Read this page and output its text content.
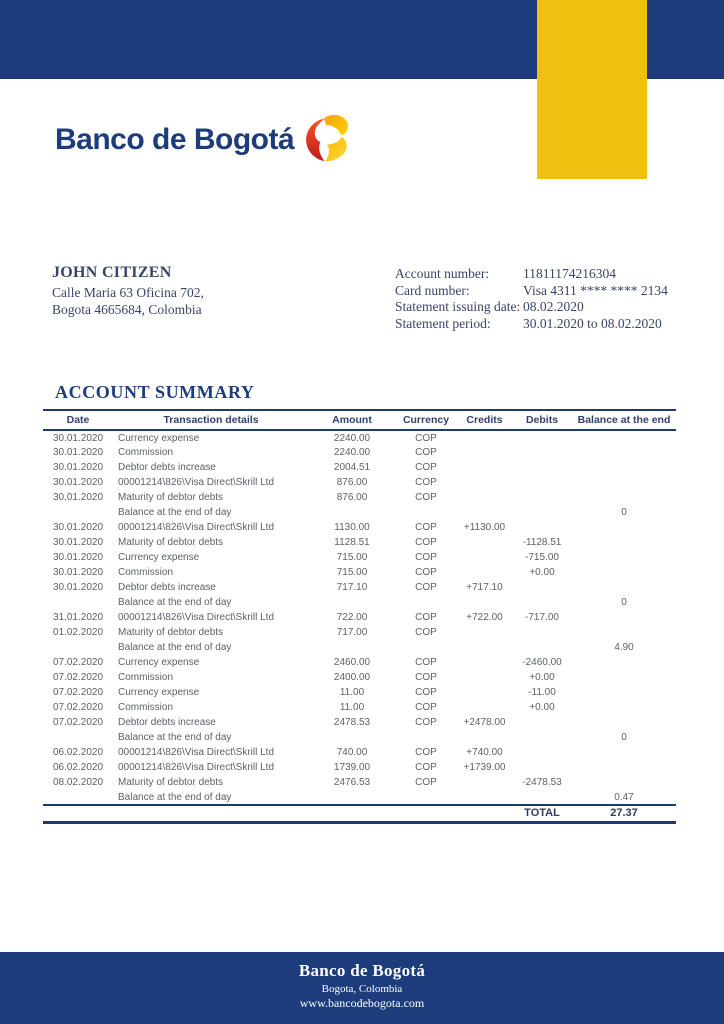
Banco de Bogotá
JOHN CITIZEN
Calle Maria 63 Oficina 702,
Bogota 4665684, Colombia
Account number:	11811174216304
Card number:	Visa 4311 **** **** 2134
Statement issuing date: 08.02.2020
Statement period:	30.01.2020 to 08.02.2020
ACCOUNT SUMMARY
Date	Transaction details	Amount	Currency	Credits	Debits	Balance at the end
30.01.2020	Currency expense	2240.00	COP			
30.01.2020	Commission	2240.00	COP			
30.01.2020	Debtor debts increase	2004.51	COP			
30.01.2020	00001214\826\Visa Direct\Skrill Ltd	876.00	COP			
30.01.2020	Maturity of debtor debts	876.00	COP			
	Balance at the end of day					0
30.01.2020	00001214\826\Visa Direct\Skrill Ltd	1130.00	COP	+1130.00		
30.01.2020	Maturity of debtor debts	1128.51	COP		-1128.51	
30.01.2020	Currency expense	715.00	COP		-715.00	
30.01.2020	Commission	715.00	COP		+0.00	
30.01.2020	Debtor debts increase	717.10	COP	+717.10		
	Balance at the end of day					0
31.01.2020	00001214\826\Visa Direct\Skrill Ltd	722.00	COP	+722.00	-717.00	
01.02.2020	Maturity of debtor debts	717.00	COP			
	Balance at the end of day					4.90
07.02.2020	Currency expense	2460.00	COP		-2460.00	
07.02.2020	Commission	2400.00	COP		+0.00	
07.02.2020	Currency expense	11.00	COP		-11.00	
07.02.2020	Commission	11.00	COP		+0.00	
07.02.2020	Debtor debts increase	2478.53	COP	+2478.00		
	Balance at the end of day					0
06.02.2020	00001214\826\Visa Direct\Skrill Ltd	740.00	COP	+740.00		
06.02.2020	00001214\826\Visa Direct\Skrill Ltd	1739.00	COP	+1739.00		
08.02.2020	Maturity of debtor debts	2476.53	COP		-2478.53	
	Balance at the end of day					0.47
					TOTAL	27.37
Banco de Bogotá
Bogota, Colombia
www.bancodebogota.com
